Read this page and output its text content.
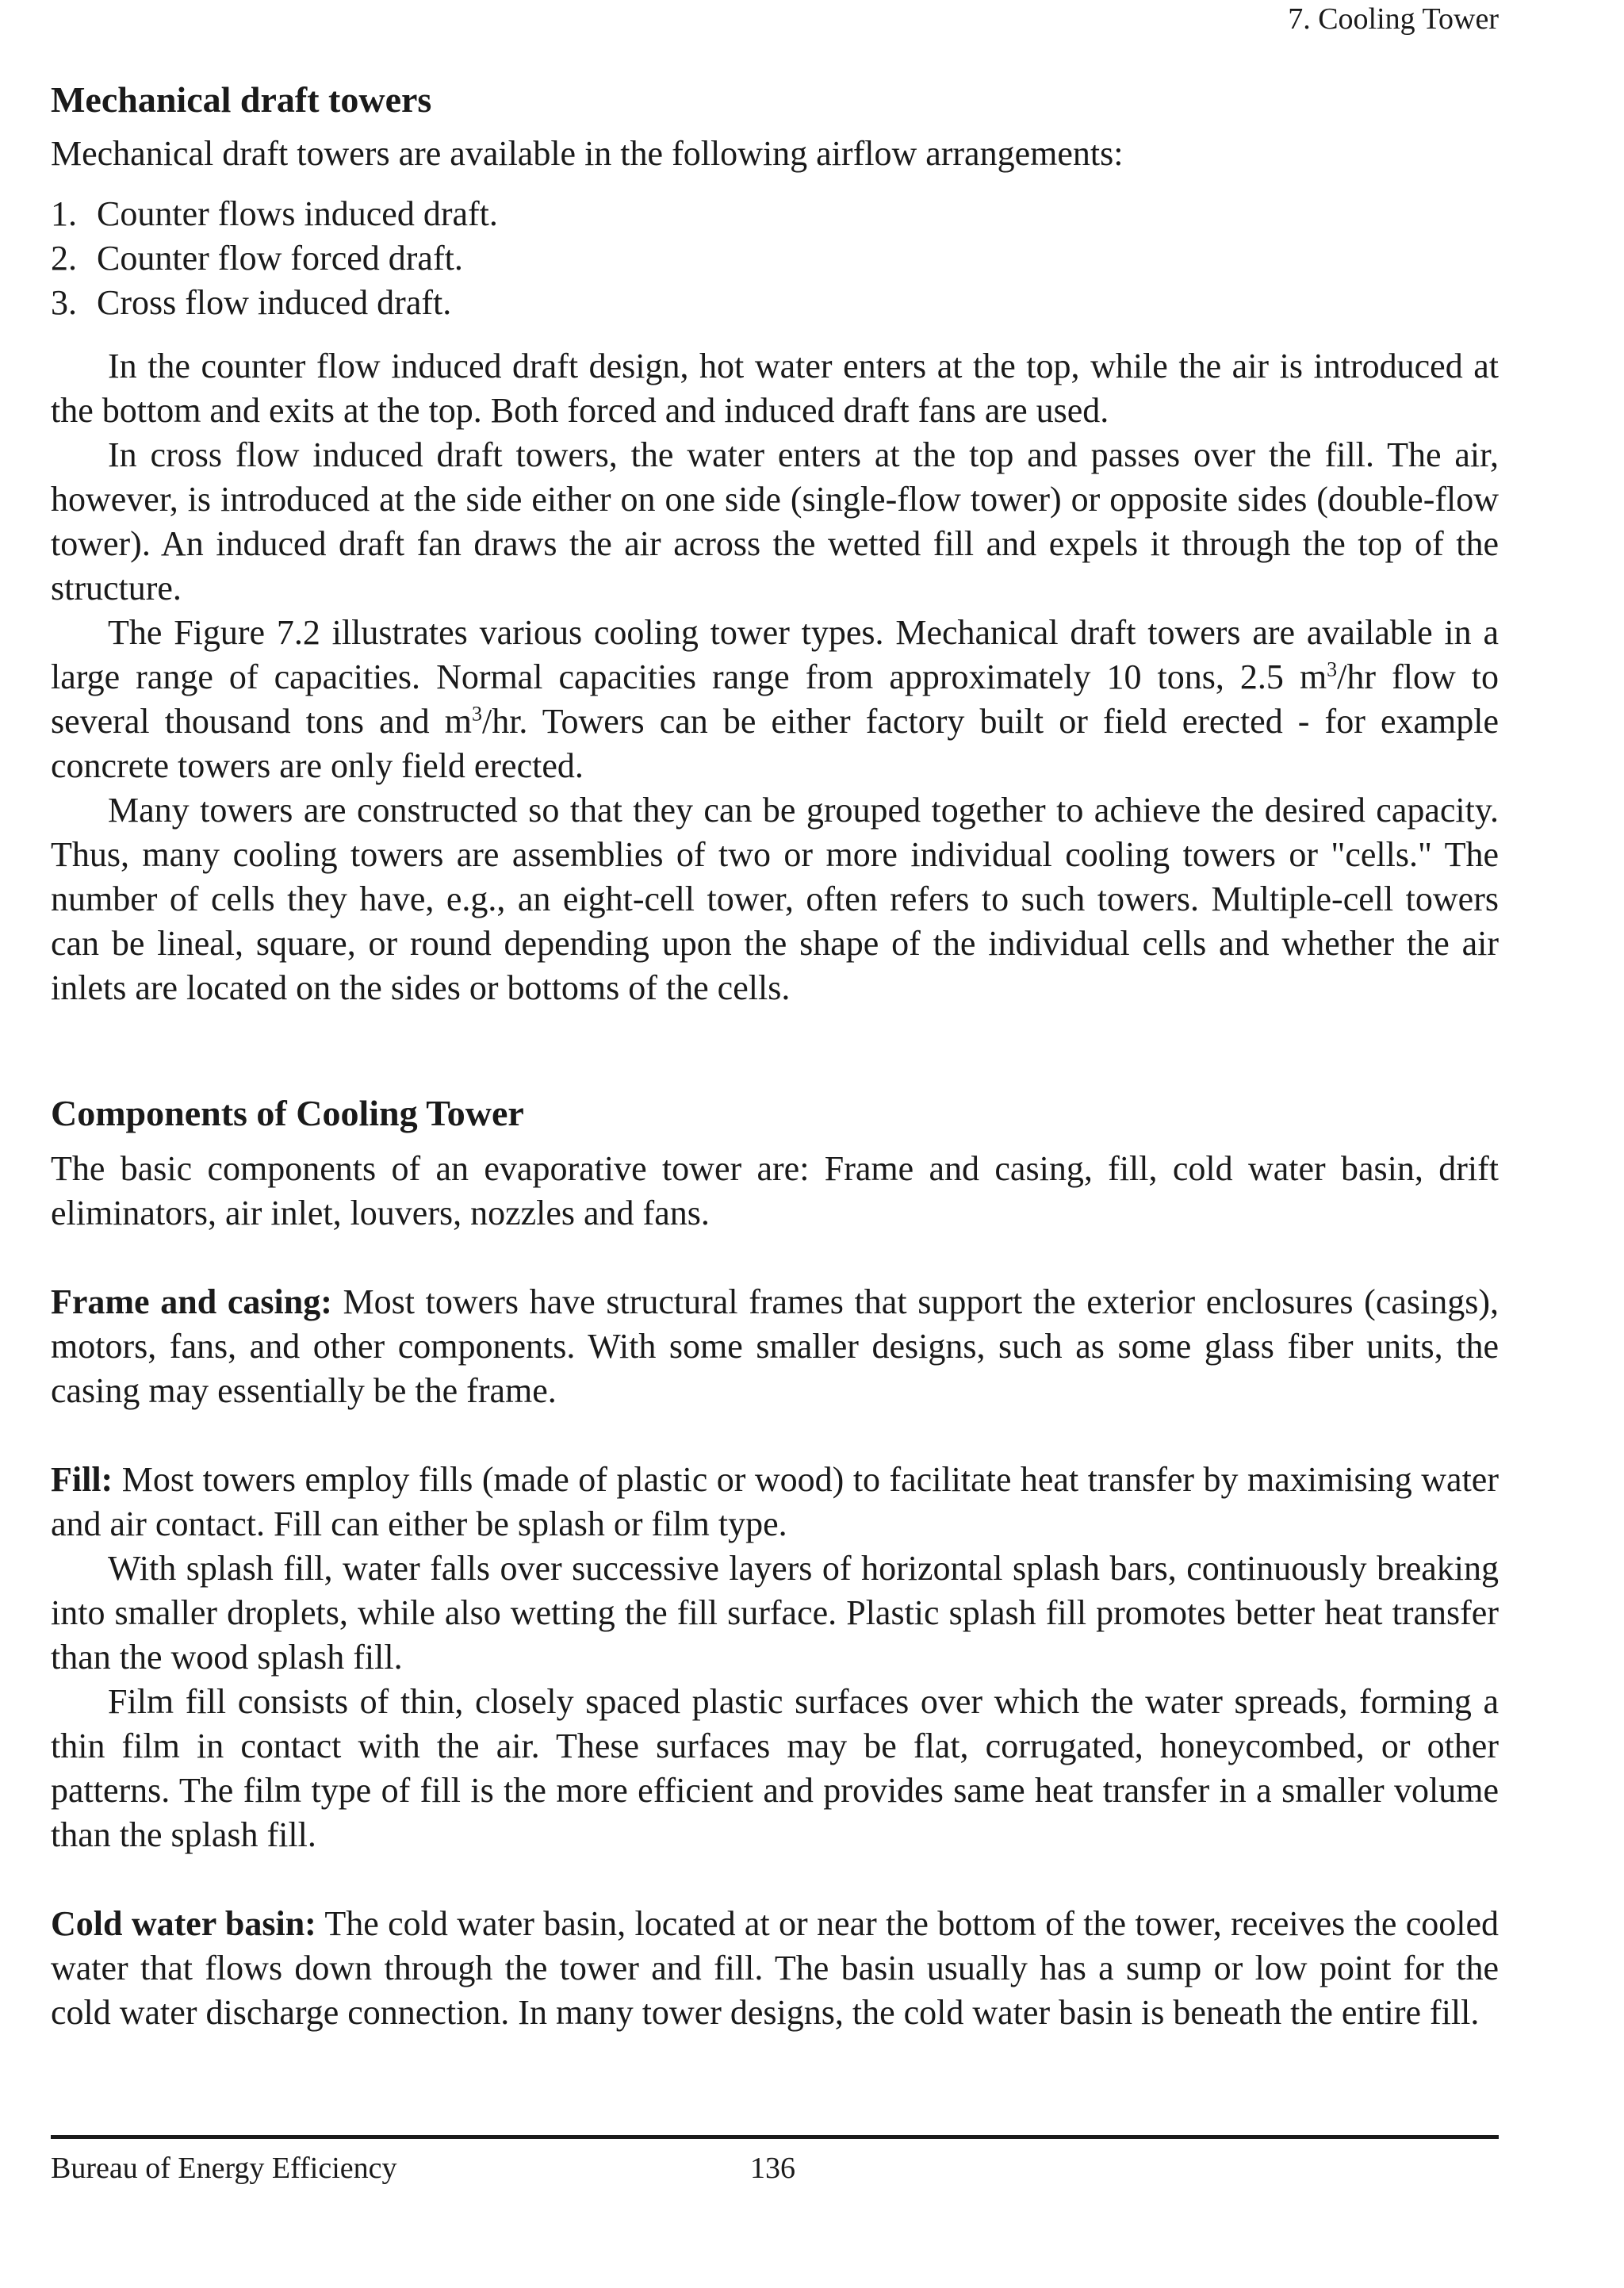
7. Cooling Tower
Mechanical draft towers

Mechanical draft towers are available in the following airflow arrangements:

1. Counter flows induced draft.
2. Counter flow forced draft.
3. Cross flow induced draft.

In the counter flow induced draft design, hot water enters at the top, while the air is introduced at the bottom and exits at the top. Both forced and induced draft fans are used.

In cross flow induced draft towers, the water enters at the top and passes over the fill. The air, however, is introduced at the side either on one side (single-flow tower) or opposite sides (double-flow tower). An induced draft fan draws the air across the wetted fill and expels it through the top of the structure.

The Figure 7.2 illustrates various cooling tower types. Mechanical draft towers are available in a large range of capacities. Normal capacities range from approximately 10 tons, 2.5 $m^3/hr$ flow to several thousand tons and $m^3/hr$. Towers can be either factory built or field erected - for example concrete towers are only field erected.

Many towers are constructed so that they can be grouped together to achieve the desired capacity. Thus, many cooling towers are assemblies of two or more individual cooling towers or "cells." The number of cells they have, e.g., an eight-cell tower, often refers to such towers. Multiple-cell towers can be lineal, square, or round depending upon the shape of the individual cells and whether the air inlets are located on the sides or bottoms of the cells.

Components of Cooling Tower

The basic components of an evaporative tower are: Frame and casing, fill, cold water basin, drift eliminators, air inlet, louvers, nozzles and fans.

Frame and casing: Most towers have structural frames that support the exterior enclosures (casings), motors, fans, and other components. With some smaller designs, such as some glass fiber units, the casing may essentially be the frame.

Fill: Most towers employ fills (made of plastic or wood) to facilitate heat transfer by maximising water and air contact. Fill can either be splash or film type.

With splash fill, water falls over successive layers of horizontal splash bars, continuously breaking into smaller droplets, while also wetting the fill surface. Plastic splash fill promotes better heat transfer than the wood splash fill.

Film fill consists of thin, closely spaced plastic surfaces over which the water spreads, forming a thin film in contact with the air. These surfaces may be flat, corrugated, honeycombed, or other patterns. The film type of fill is the more efficient and provides same heat transfer in a smaller volume than the splash fill.

Cold water basin: The cold water basin, located at or near the bottom of the tower, receives the cooled water that flows down through the tower and fill. The basin usually has a sump or low point for the cold water discharge connection. In many tower designs, the cold water basin is beneath the entire fill.

Bureau of Energy Efficiency	136
